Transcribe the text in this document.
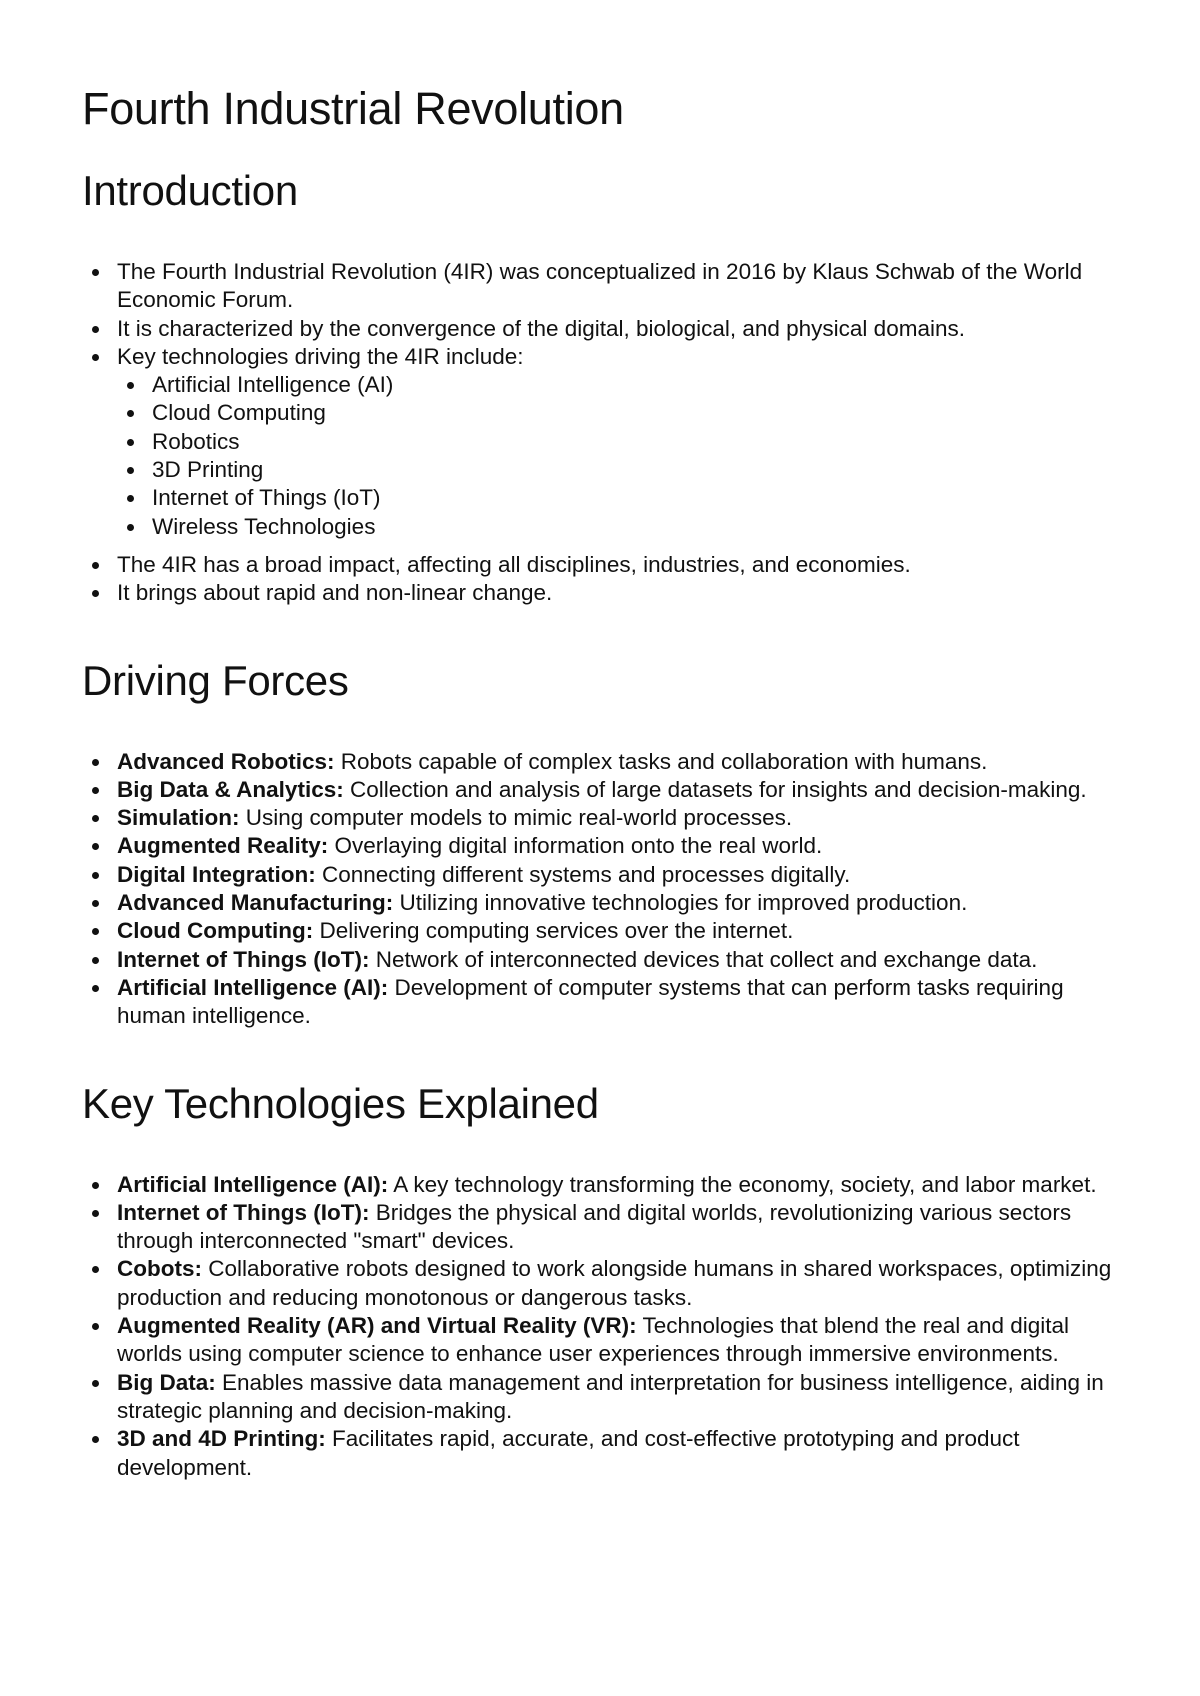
Fourth Industrial Revolution
Introduction
The Fourth Industrial Revolution (4IR) was conceptualized in 2016 by Klaus Schwab of the World Economic Forum.
It is characterized by the convergence of the digital, biological, and physical domains.
Key technologies driving the 4IR include:
Artificial Intelligence (AI)
Cloud Computing
Robotics
3D Printing
Internet of Things (IoT)
Wireless Technologies
The 4IR has a broad impact, affecting all disciplines, industries, and economies.
It brings about rapid and non-linear change.
Driving Forces
Advanced Robotics: Robots capable of complex tasks and collaboration with humans.
Big Data & Analytics: Collection and analysis of large datasets for insights and decision-making.
Simulation: Using computer models to mimic real-world processes.
Augmented Reality: Overlaying digital information onto the real world.
Digital Integration: Connecting different systems and processes digitally.
Advanced Manufacturing: Utilizing innovative technologies for improved production.
Cloud Computing: Delivering computing services over the internet.
Internet of Things (IoT): Network of interconnected devices that collect and exchange data.
Artificial Intelligence (AI): Development of computer systems that can perform tasks requiring human intelligence.
Key Technologies Explained
Artificial Intelligence (AI): A key technology transforming the economy, society, and labor market.
Internet of Things (IoT): Bridges the physical and digital worlds, revolutionizing various sectors through interconnected "smart" devices.
Cobots: Collaborative robots designed to work alongside humans in shared workspaces, optimizing production and reducing monotonous or dangerous tasks.
Augmented Reality (AR) and Virtual Reality (VR): Technologies that blend the real and digital worlds using computer science to enhance user experiences through immersive environments.
Big Data: Enables massive data management and interpretation for business intelligence, aiding in strategic planning and decision-making.
3D and 4D Printing: Facilitates rapid, accurate, and cost-effective prototyping and product development.
